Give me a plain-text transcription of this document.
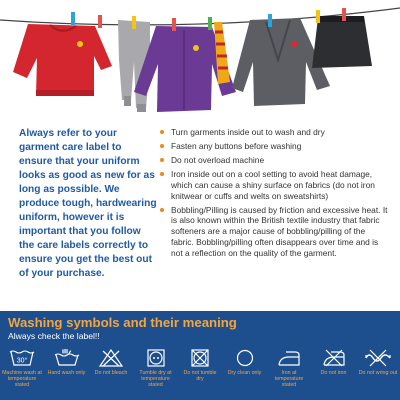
Always refer to your garment care label to ensure that your uniform looks as good as new for as long as possible. We produce tough, hardwearing uniform, however it is important that you follow the care labels correctly to ensure you get the best out of your purchase.

Turn garments inside out to wash and dry
Fasten any buttons before washing
Do not overload machine
Iron inside out on a cool setting to avoid heat damage, which can cause a shiny surface on fabrics (do not iron knitwear or cuffs and welts on sweatshirts)
Bobbling/Pilling is caused by friction and excessive heat. It is also known within the British textile industry that fabric softeners are a major cause of bobbling/pilling of the fabric. Bobbling/pilling often disappears over time and is not a reflection on the quality of the garment.

Washing symbols and their meaning

Always check the label!!

30°
Machine wash at temperature stated
Hand wash only	Do not bleach	Tumble dry at temperature stated
Do not tumble dry
Dry clean only	Iron at temperature stated
Do not iron	Do not wring out
